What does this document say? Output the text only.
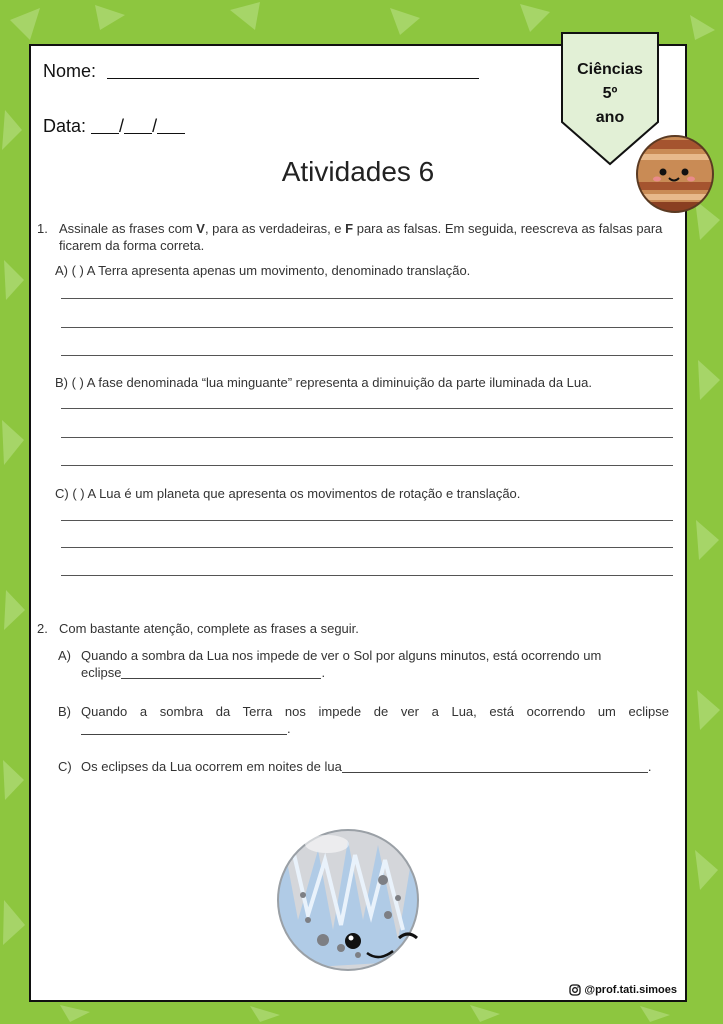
Nome:
Data: / /
Ciências
5º
ano
Atividades 6
1. Assinale as frases com V, para as verdadeiras, e F para as falsas. Em seguida, reescreva as falsas para
ficarem da forma correta.
A) ( ) A Terra apresenta apenas um movimento, denominado translação.
B) ( ) A fase denominada “lua minguante” representa a diminuição da parte iluminada da Lua.
C) ( ) A Lua é um planeta que apresenta os movimentos de rotação e translação.
2. Com bastante atenção, complete as frases a seguir.
A) Quando a sombra da Lua nos impede de ver o Sol por alguns minutos, está ocorrendo um
eclipse	.
B) Quando a sombra da Terra nos impede de ver a Lua, está ocorrendo um eclipse
.
C) Os eclipses da Lua ocorrem em noites de lua	.
@prof.tati.simoes
